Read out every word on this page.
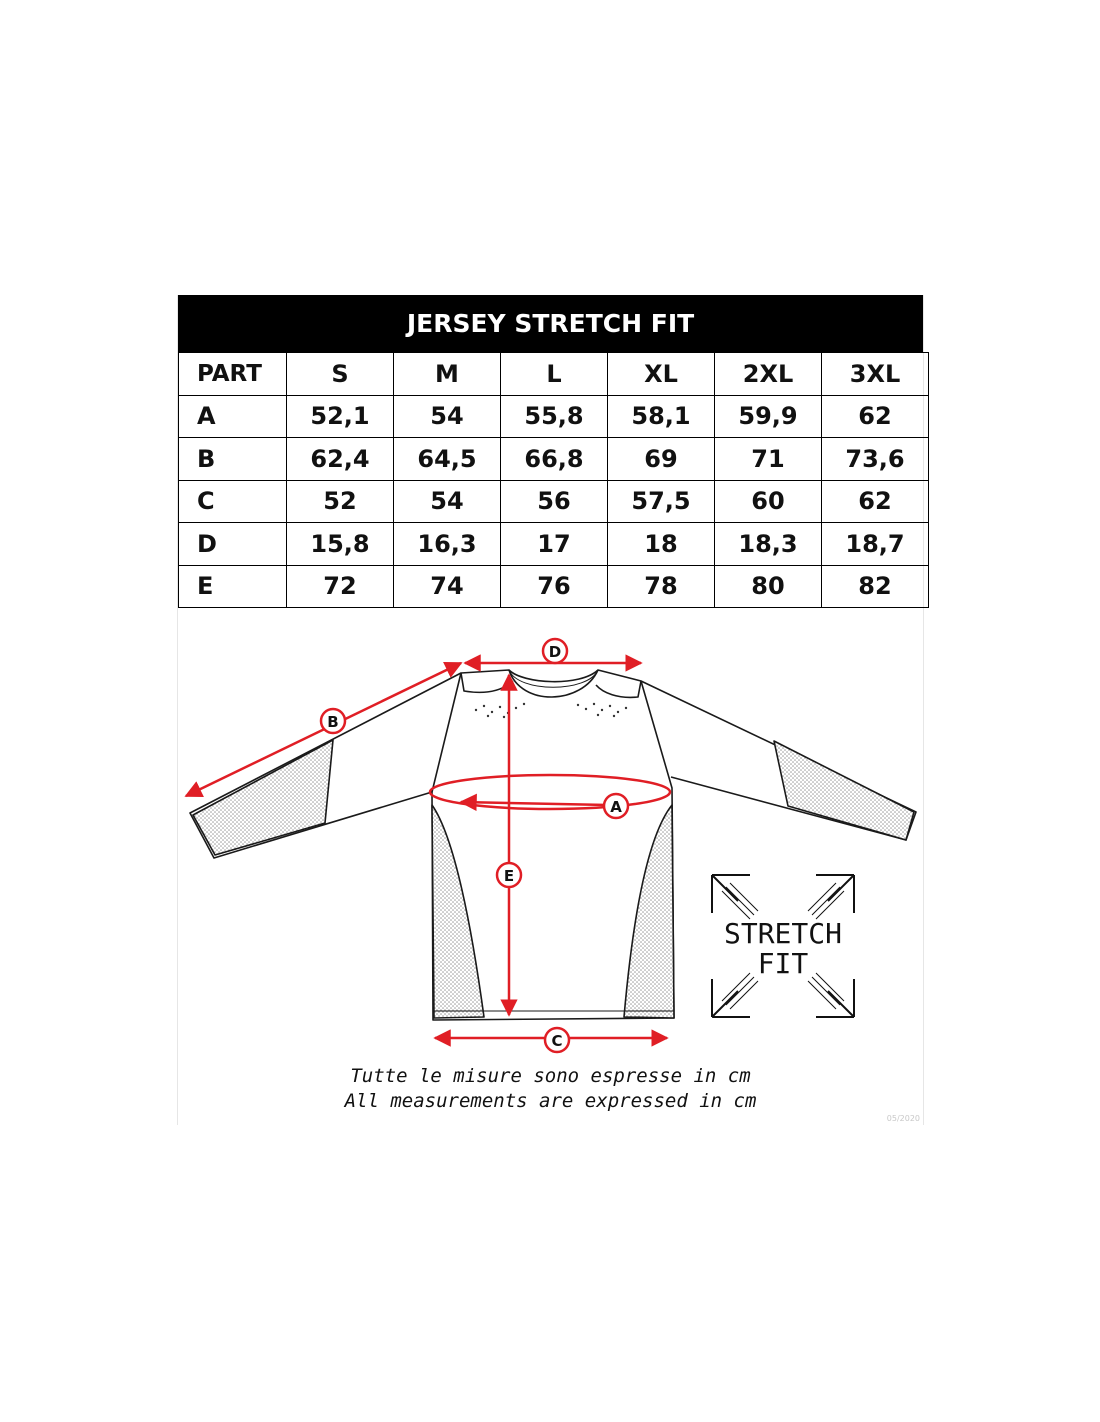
JERSEY STRETCH FIT
PART	S	M	L	XL	2XL	3XL
A	52,1	54	55,8	58,1	59,9	62
B	62,4	64,5	66,8	69	71	73,6
C	52	54	56	57,5	60	62
D	15,8	16,3	17	18	18,3	18,7
E	72	74	76	78	80	82
D
B
A
E
C
STRETCH
FIT
Tutte le misure sono espresse in cm
All measurements are expressed in cm
05/2020
